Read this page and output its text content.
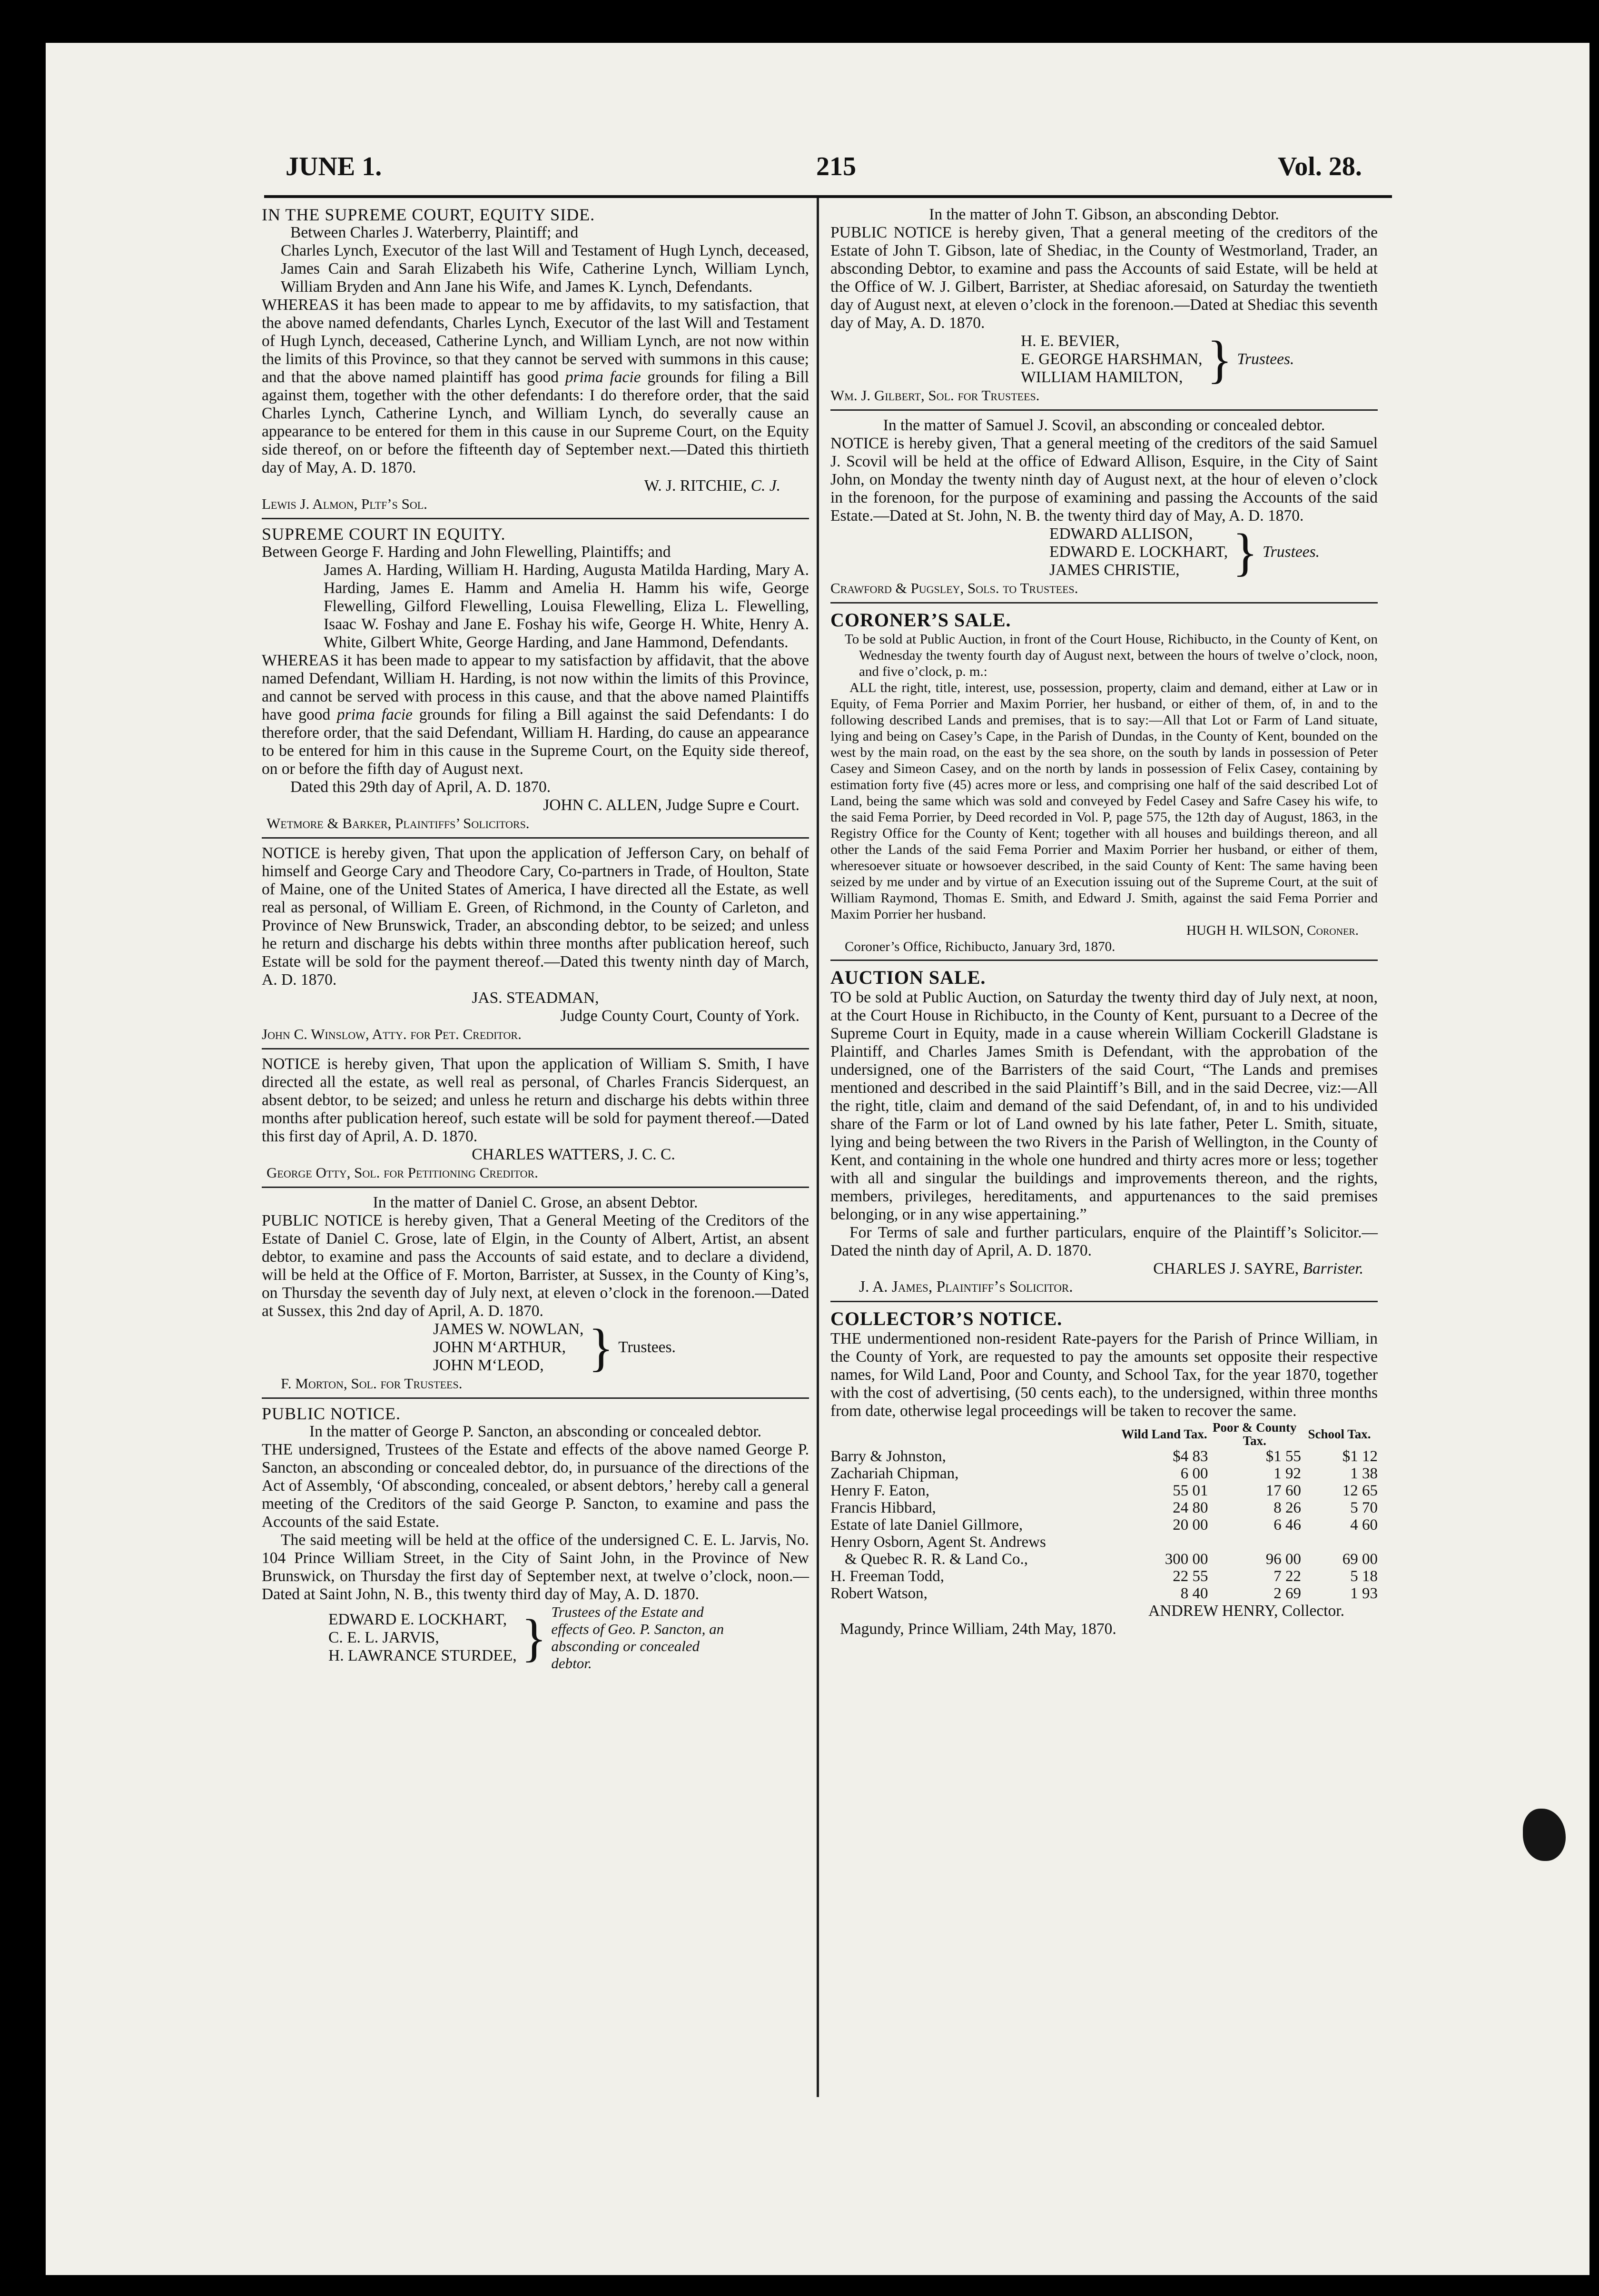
JUNE 1.	215	Vol. 28.

IN THE SUPREME COURT, EQUITY SIDE.

Between Charles J. Waterberry, Plaintiff; and

Charles Lynch, Executor of the last Will and Testament of Hugh Lynch, deceased, James Cain and Sarah Elizabeth his Wife, Catherine Lynch, William Lynch, William Bryden and Ann Jane his Wife, and James K. Lynch, Defendants.

WHEREAS it has been made to appear to me by affidavits, to my satisfaction, that the above named defendants, Charles Lynch, Executor of the last Will and Testament of Hugh Lynch, deceased, Catherine Lynch, and William Lynch, are not now within the limits of this Province, so that they cannot be served with summons in this cause; and that the above named plaintiff has good prima facie grounds for filing a Bill against them, together with the other defendants: I do therefore order, that the said Charles Lynch, Catherine Lynch, and William Lynch, do severally cause an appearance to be entered for them in this cause in our Supreme Court, on the Equity side thereof, on or before the fifteenth day of September next.—Dated this thirtieth day of May, A. D. 1870.

W. J. RITCHIE, C. J.

Lewis J. Almon, Pltf’s Sol.

SUPREME COURT IN EQUITY.

Between George F. Harding and John Flewelling, Plaintiffs; and

James A. Harding, William H. Harding, Augusta Matilda Harding, Mary A. Harding, James E. Hamm and Amelia H. Hamm his wife, George Flewelling, Gilford Flewelling, Louisa Flewelling, Eliza L. Flewelling, Isaac W. Foshay and Jane E. Foshay his wife, George H. White, Henry A. White, Gilbert White, George Harding, and Jane Hammond, Defendants.

WHEREAS it has been made to appear to my satisfaction by affidavit, that the above named Defendant, William H. Harding, is not now within the limits of this Province, and cannot be served with process in this cause, and that the above named Plaintiffs have good prima facie grounds for filing a Bill against the said Defendants: I do therefore order, that the said Defendant, William H. Harding, do cause an appearance to be entered for him in this cause in the Supreme Court, on the Equity side thereof, on or before the fifth day of August next.

Dated this 29th day of April, A. D. 1870.

JOHN C. ALLEN, Judge Supre e Court.

Wetmore & Barker, Plaintiffs’ Solicitors.

NOTICE is hereby given, That upon the application of Jefferson Cary, on behalf of himself and George Cary and Theodore Cary, Co-partners in Trade, of Houlton, State of Maine, one of the United States of America, I have directed all the Estate, as well real as personal, of William E. Green, of Richmond, in the County of Carleton, and Province of New Brunswick, Trader, an absconding debtor, to be seized; and unless he return and discharge his debts within three months after publication hereof, such Estate will be sold for the payment thereof.—Dated this twenty ninth day of March, A. D. 1870.

JAS. STEADMAN,

Judge County Court, County of York.

John C. Winslow, Atty. for Pet. Creditor.

NOTICE is hereby given, That upon the application of William S. Smith, I have directed all the estate, as well real as personal, of Charles Francis Siderquest, an absent debtor, to be seized; and unless he return and discharge his debts within three months after publication hereof, such estate will be sold for payment thereof.—Dated this first day of April, A. D. 1870.

CHARLES WATTERS, J. C. C.

George Otty, Sol. for Petitioning Creditor.

In the matter of Daniel C. Grose, an absent Debtor.

PUBLIC NOTICE is hereby given, That a General Meeting of the Creditors of the Estate of Daniel C. Grose, late of Elgin, in the County of Albert, Artist, an absent debtor, to examine and pass the Accounts of said estate, and to declare a dividend, will be held at the Office of F. Morton, Barrister, at Sussex, in the County of King’s, on Thursday the seventh day of July next, at eleven o’clock in the forenoon.—Dated at Sussex, this 2nd day of April, A. D. 1870.

JAMES W. NOWLAN,

JOHN M‘ARTHUR,

JOHN M‘LEOD, } Trustees.

F. Morton, Sol. for Trustees.

PUBLIC NOTICE.

In the matter of George P. Sancton, an absconding or concealed debtor.

THE undersigned, Trustees of the Estate and effects of the above named George P. Sancton, an absconding or concealed debtor, do, in pursuance of the directions of the Act of Assembly, ‘Of absconding, concealed, or absent debtors,’ hereby call a general meeting of the Creditors of the said George P. Sancton, to examine and pass the Accounts of the said Estate.

The said meeting will be held at the office of the undersigned C. E. L. Jarvis, No. 104 Prince William Street, in the City of Saint John, in the Province of New Brunswick, on Thursday the first day of September next, at twelve o’clock, noon.—Dated at Saint John, N. B., this twenty third day of May, A. D. 1870.

EDWARD E. LOCKHART,

C. E. L. JARVIS,

H. LAWRANCE STURDEE, } Trustees of the Estate and effects of Geo. P. Sancton, an absconding or concealed debtor.

In the matter of John T. Gibson, an absconding Debtor.

PUBLIC NOTICE is hereby given, That a general meeting of the creditors of the Estate of John T. Gibson, late of Shediac, in the County of Westmorland, Trader, an absconding Debtor, to examine and pass the Accounts of said Estate, will be held at the Office of W. J. Gilbert, Barrister, at Shediac aforesaid, on Saturday the twentieth day of August next, at eleven o’clock in the forenoon.—Dated at Shediac this seventh day of May, A. D. 1870.

H. E. BEVIER,

E. GEORGE HARSHMAN,

WILLIAM HAMILTON, } Trustees.

Wm. J. Gilbert, Sol. for Trustees.

In the matter of Samuel J. Scovil, an absconding or concealed debtor.

NOTICE is hereby given, That a general meeting of the creditors of the said Samuel J. Scovil will be held at the office of Edward Allison, Esquire, in the City of Saint John, on Monday the twenty ninth day of August next, at the hour of eleven o’clock in the forenoon, for the purpose of examining and passing the Accounts of the said Estate.—Dated at St. John, N. B. the twenty third day of May, A. D. 1870.

EDWARD ALLISON,

EDWARD E. LOCKHART,

JAMES CHRISTIE,	} Trustees.

Crawford & Pugsley, Sols. to Trustees.

CORONER’S SALE.

To be sold at Public Auction, in front of the Court House, Richibucto, in the County of Kent, on Wednesday the twenty fourth day of August next, between the hours of twelve o’clock, noon, and five o’clock, p. m.:

ALL the right, title, interest, use, possession, property, claim and demand, either at Law or in Equity, of Fema Porrier and Maxim Porrier, her husband, or either of them, of, in and to the following described Lands and premises, that is to say:—All that Lot or Farm of Land situate, lying and being on Casey’s Cape, in the Parish of Dundas, in the County of Kent, bounded on the west by the main road, on the east by the sea shore, on the south by lands in possession of Peter Casey and Simeon Casey, and on the north by lands in possession of Felix Casey, containing by estimation forty five (45) acres more or less, and comprising one half of the said described Lot of Land, being the same which was sold and conveyed by Fedel Casey and Safre Casey his wife, to the said Fema Porrier, by Deed recorded in Vol. P, page 575, the 12th day of August, 1863, in the Registry Office for the County of Kent; together with all houses and buildings thereon, and all other the Lands of the said Fema Porrier and Maxim Porrier her husband, or either of them, wheresoever situate or howsoever described, in the said County of Kent: The same having been seized by me under and by virtue of an Execution issuing out of the Supreme Court, at the suit of William Raymond, Thomas E. Smith, and Edward J. Smith, against the said Fema Porrier and Maxim Porrier her husband.

HUGH H. WILSON, Coroner.

Coroner’s Office, Richibucto, January 3rd, 1870.

AUCTION SALE.

TO be sold at Public Auction, on Saturday the twenty third day of July next, at noon, at the Court House in Richibucto, in the County of Kent, pursuant to a Decree of the Supreme Court in Equity, made in a cause wherein William Cockerill Gladstane is Plaintiff, and Charles James Smith is Defendant, with the approbation of the undersigned, one of the Barristers of the said Court, “The Lands and premises mentioned and described in the said Plaintiff’s Bill, and in the said Decree, viz:—All the right, title, claim and demand of the said Defendant, of, in and to his undivided share of the Farm or lot of Land owned by his late father, Peter L. Smith, situate, lying and being between the two Rivers in the Parish of Wellington, in the County of Kent, and containing in the whole one hundred and thirty acres more or less; together with all and singular the buildings and improvements thereon, and the rights, members, privileges, hereditaments, and appurtenances to the said premises belonging, or in any wise appertaining.”

For Terms of sale and further particulars, enquire of the Plaintiff’s Solicitor.—Dated the ninth day of April, A. D. 1870.

CHARLES J. SAYRE, Barrister.

J. A. James, Plaintiff’s Solicitor.

COLLECTOR’S NOTICE.

THE undermentioned non-resident Rate-payers for the Parish of Prince William, in the County of York, are requested to pay the amounts set opposite their respective names, for Wild Land, Poor and County, and School Tax, for the year 1870, together with the cost of advertising, (50 cents each), to the undersigned, within three months from date, otherwise legal proceedings will be taken to recover the same.

	Wild Land Tax.	Poor & County Tax.	School Tax.
Barry & Johnston,	$4 83	$1 55	$1 12
Zachariah Chipman,	6 00	1 92	1 38
Henry F. Eaton,	55 01	17 60	12 65
Francis Hibbard,	24 80	8 26	5 70
Estate of late Daniel Gillmore,	20 00	6 46	4 60
Henry Osborn, Agent St. Andrews			
& Quebec R. R. & Land Co.,	300 00	96 00	69 00
H. Freeman Todd,	22 55	7 22	5 18
Robert Watson,	8 40	2 69	1 93

ANDREW HENRY, Collector.

Magundy, Prince William, 24th May, 1870.
